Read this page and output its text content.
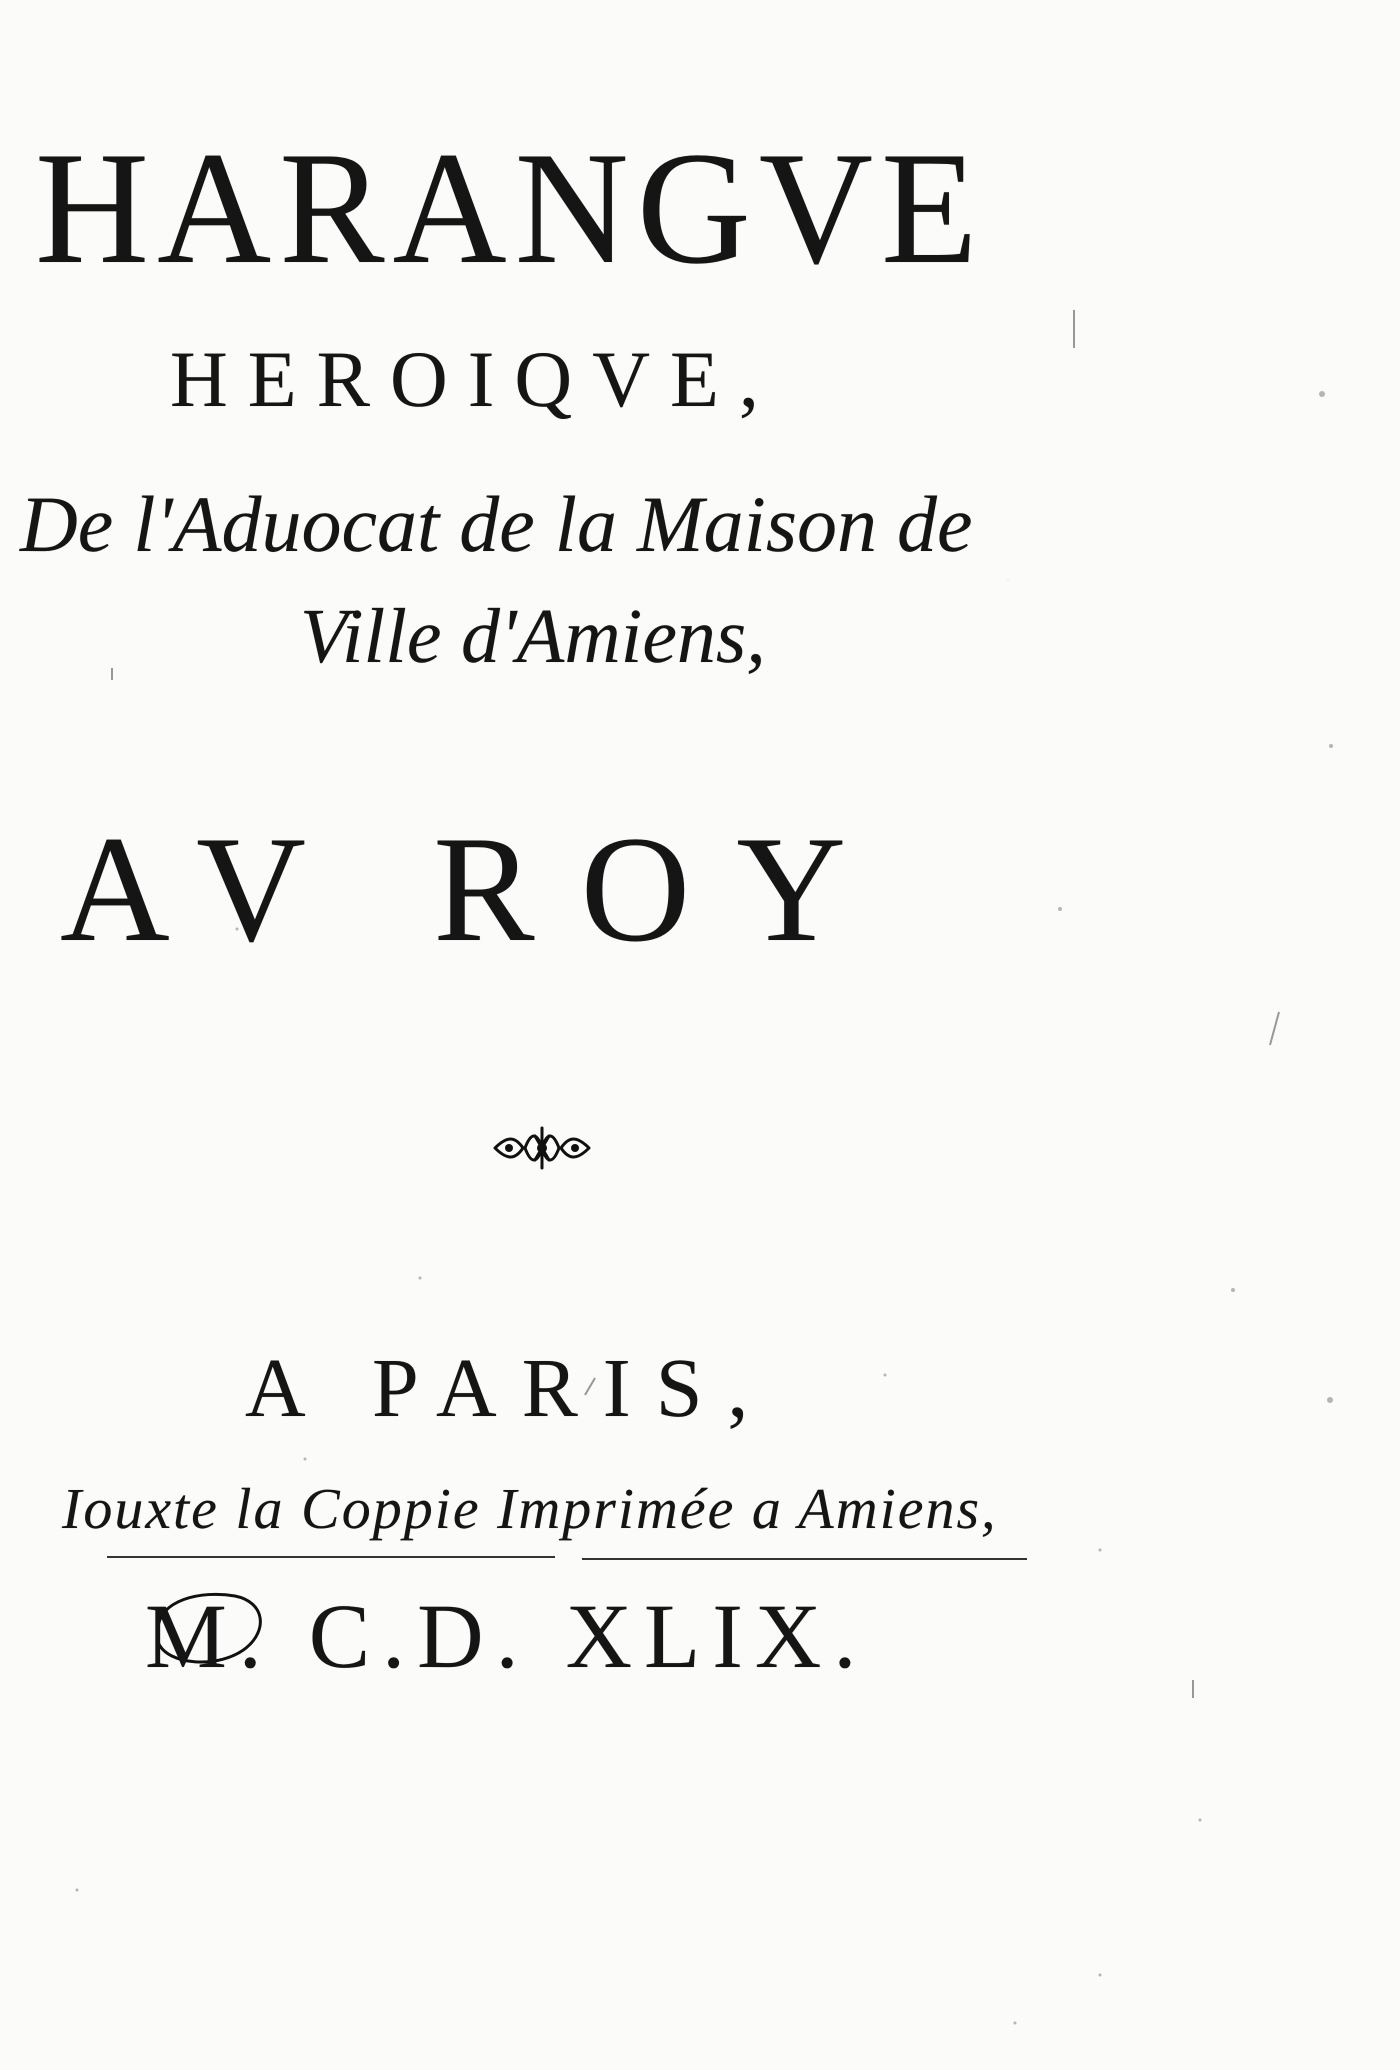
HARANGVE
HEROIQVE,
De l'Aduocat de la Maison de
Ville d'Amiens,
AV ROY
A PARIS,
Iouxte la Coppie Imprimée a Amiens,
M. C.D. XLIX.
